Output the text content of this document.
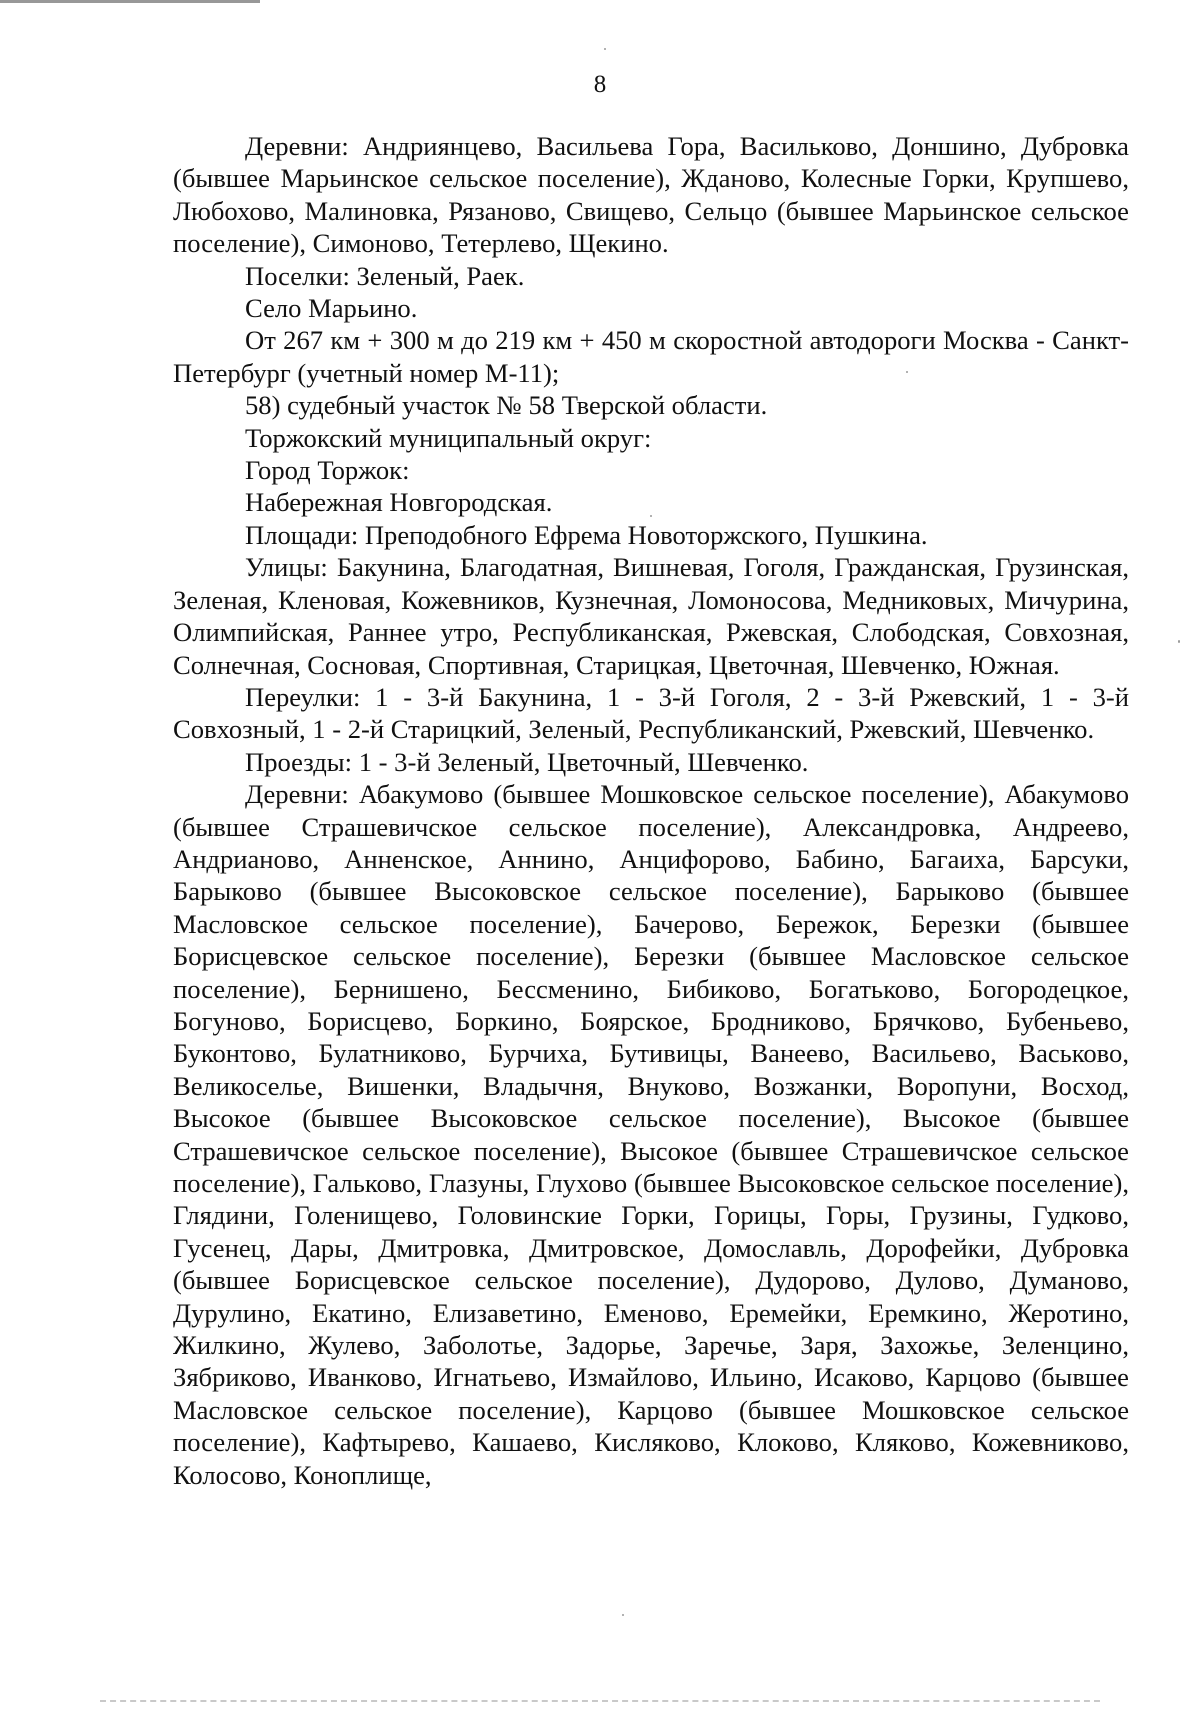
8

Деревни: Андриянцево, Васильева Гора, Васильково, Доншино, Дубровка (бывшее Марьинское сельское поселение), Жданово, Колесные Горки, Крупшево, Любохово, Малиновка, Рязаново, Свищево, Сельцо (бывшее Марьинское сельское поселение), Симоново, Тетерлево, Щекино.

Поселки: Зеленый, Раек.

Село Марьино.

От 267 км + 300 м до 219 км + 450 м скоростной автодороги Москва - Санкт-Петербург (учетный номер М-11);

58) судебный участок № 58 Тверской области.

Торжокский муниципальный округ:

Город Торжок:

Набережная Новгородская.

Площади: Преподобного Ефрема Новоторжского, Пушкина.

Улицы: Бакунина, Благодатная, Вишневая, Гоголя, Гражданская, Грузинская, Зеленая, Кленовая, Кожевников, Кузнечная, Ломоносова, Медниковых, Мичурина, Олимпийская, Раннее утро, Республиканская, Ржевская, Слободская, Совхозная, Солнечная, Сосновая, Спортивная, Старицкая, Цветочная, Шевченко, Южная.

Переулки: 1 - 3-й Бакунина, 1 - 3-й Гоголя, 2 - 3-й Ржевский, 1 - 3-й Совхозный, 1 - 2-й Старицкий, Зеленый, Республиканский, Ржевский, Шевченко.

Проезды: 1 - 3-й Зеленый, Цветочный, Шевченко.

Деревни: Абакумово (бывшее Мошковское сельское поселение), Абакумово (бывшее Страшевичское сельское поселение), Александровка, Андреево, Андрианово, Анненское, Аннино, Анцифорово, Бабино, Багаиха, Барсуки, Барыково (бывшее Высоковское сельское поселение), Барыково (бывшее Масловское сельское поселение), Бачерово, Бережок, Березки (бывшее Борисцевское сельское поселение), Березки (бывшее Масловское сельское поселение), Бернишено, Бессменино, Бибиково, Богатьково, Богородецкое, Богуново, Борисцево, Боркино, Боярское, Бродниково, Брячково, Бубеньево, Буконтово, Булатниково, Бурчиха, Бутивицы, Ванеево, Васильево, Васьково, Великоселье, Вишенки, Владычня, Внуково, Возжанки, Воропуни, Восход, Высокое (бывшее Высоковское сельское поселение), Высокое (бывшее Страшевичское сельское поселение), Высокое (бывшее Страшевичское сельское поселение), Гальково, Глазуны, Глухово (бывшее Высоковское сельское поселение), Глядини, Голенищево, Головинские Горки, Горицы, Горы, Грузины, Гудково, Гусенец, Дары, Дмитровка, Дмитровское, Домославль, Дорофейки, Дубровка (бывшее Борисцевское сельское поселение), Дудорово, Дулово, Думаново, Дурулино, Екатино, Елизаветино, Еменово, Еремейки, Еремкино, Жеротино, Жилкино, Жулево, Заболотье, Задорье, Заречье, Заря, Захожье, Зеленцино, Зябриково, Иванково, Игнатьево, Измайлово, Ильино, Исаково, Карцово (бывшее Масловское сельское поселение), Карцово (бывшее Мошковское сельское поселение), Кафтырево, Кашаево, Кисляково, Клоково, Кляково, Кожевниково, Колосово, Коноплище,
